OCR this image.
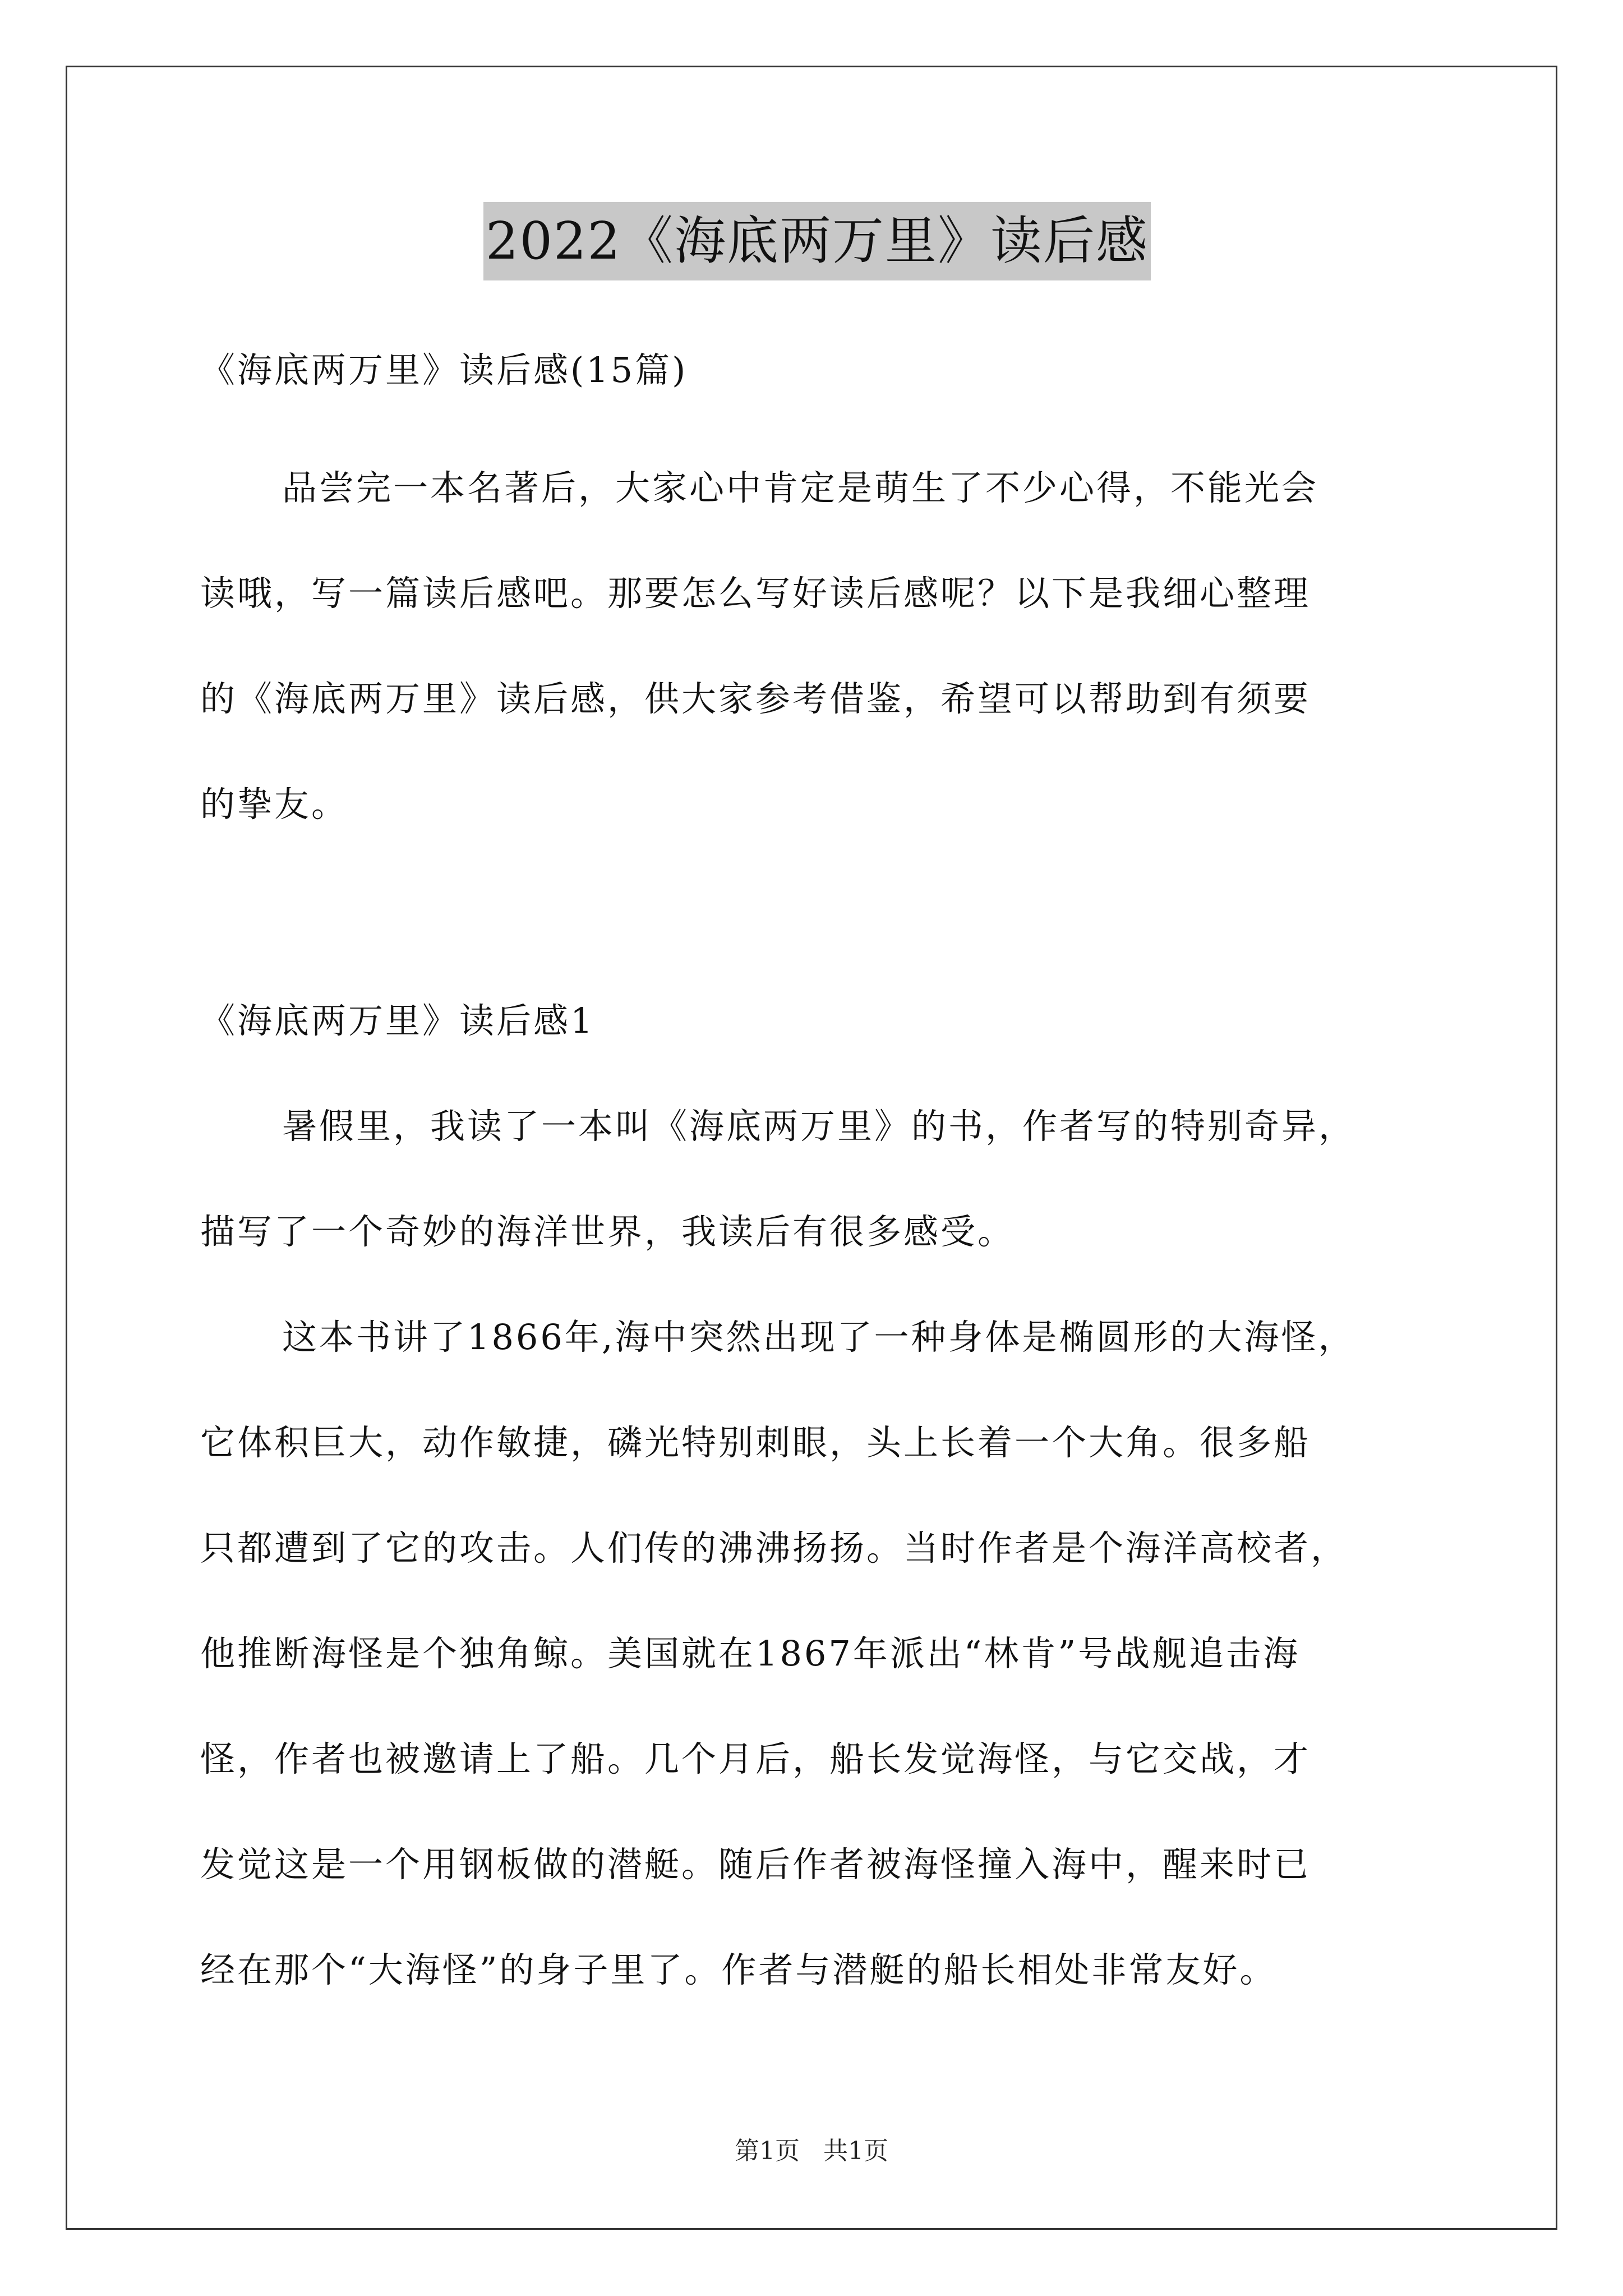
2022《海底两万里》读后感
《海底两万里》读后感(15篇)
品尝完一本名著后，大家心中肯定是萌生了不少心得，不能光会
读哦，写一篇读后感吧。那要怎么写好读后感呢？以下是我细心整理
的《海底两万里》读后感，供大家参考借鉴，希望可以帮助到有须要
的挚友。
《海底两万里》读后感1
暑假里，我读了一本叫《海底两万里》的书，作者写的特别奇异，
描写了一个奇妙的海洋世界，我读后有很多感受。
这本书讲了1866年,海中突然出现了一种身体是椭圆形的大海怪，
它体积巨大，动作敏捷，磷光特别刺眼，头上长着一个大角。很多船
只都遭到了它的攻击。人们传的沸沸扬扬。当时作者是个海洋高校者，
他推断海怪是个独角鲸。美国就在1867年派出“林肯”号战舰追击海
怪，作者也被邀请上了船。几个月后，船长发觉海怪，与它交战，才
发觉这是一个用钢板做的潜艇。随后作者被海怪撞入海中，醒来时已
经在那个“大海怪”的身子里了。作者与潜艇的船长相处非常友好。
第1页 共1页
